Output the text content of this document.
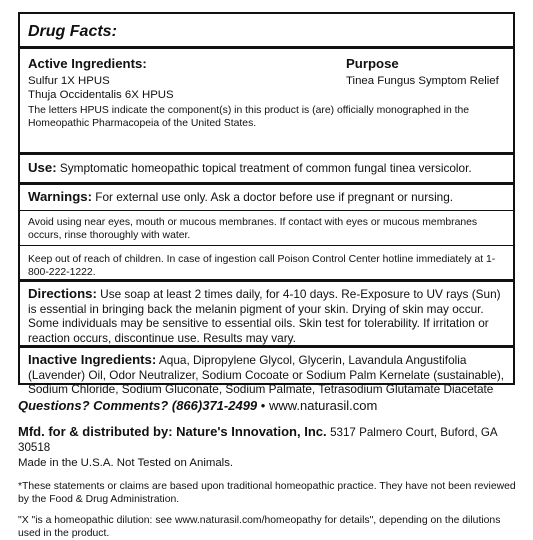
Drug Facts:
Active Ingredients:	Purpose
Sulfur 1X HPUS
Thuja Occidentalis 6X HPUS
Tinea Fungus Symptom Relief
The letters HPUS indicate the component(s) in this product is (are) officially monographed in the Homeopathic Pharmacopeia of the United States.
Use: Symptomatic homeopathic topical treatment of common fungal tinea versicolor.
Warnings: For external use only. Ask a doctor before use if pregnant or nursing.
Avoid using near eyes, mouth or mucous membranes. If contact with eyes or mucous membranes occurs, rinse thoroughly with water.
Keep out of reach of children. In case of ingestion call Poison Control Center hotline immediately at 1-800-222-1222.
Directions: Use soap at least 2 times daily, for 4-10 days. Re-Exposure to UV rays (Sun) is essential in bringing back the melanin pigment of your skin. Drying of skin may occur. Some individuals may be sensitive to essential oils. Skin test for tolerability. If irritation or reaction occurs, discontinue use. Results may vary.
Inactive Ingredients: Aqua, Dipropylene Glycol, Glycerin, Lavandula Angustifolia (Lavender) Oil, Odor Neutralizer, Sodium Cocoate or Sodium Palm Kernelate (sustainable), Sodium Chloride, Sodium Gluconate, Sodium Palmate, Tetrasodium Glutamate Diacetate

Questions? Comments? (866)371-2499 • www.naturasil.com

Mfd. for & distributed by: Nature's Innovation, Inc. 5317 Palmero Court, Buford, GA 30518
Made in the U.S.A. Not Tested on Animals.

*These statements or claims are based upon traditional homeopathic practice. They have not been reviewed by the Food & Drug Administration.

"X "is a homeopathic dilution: see www.naturasil.com/homeopathy for details", depending on the dilutions used in the product.
